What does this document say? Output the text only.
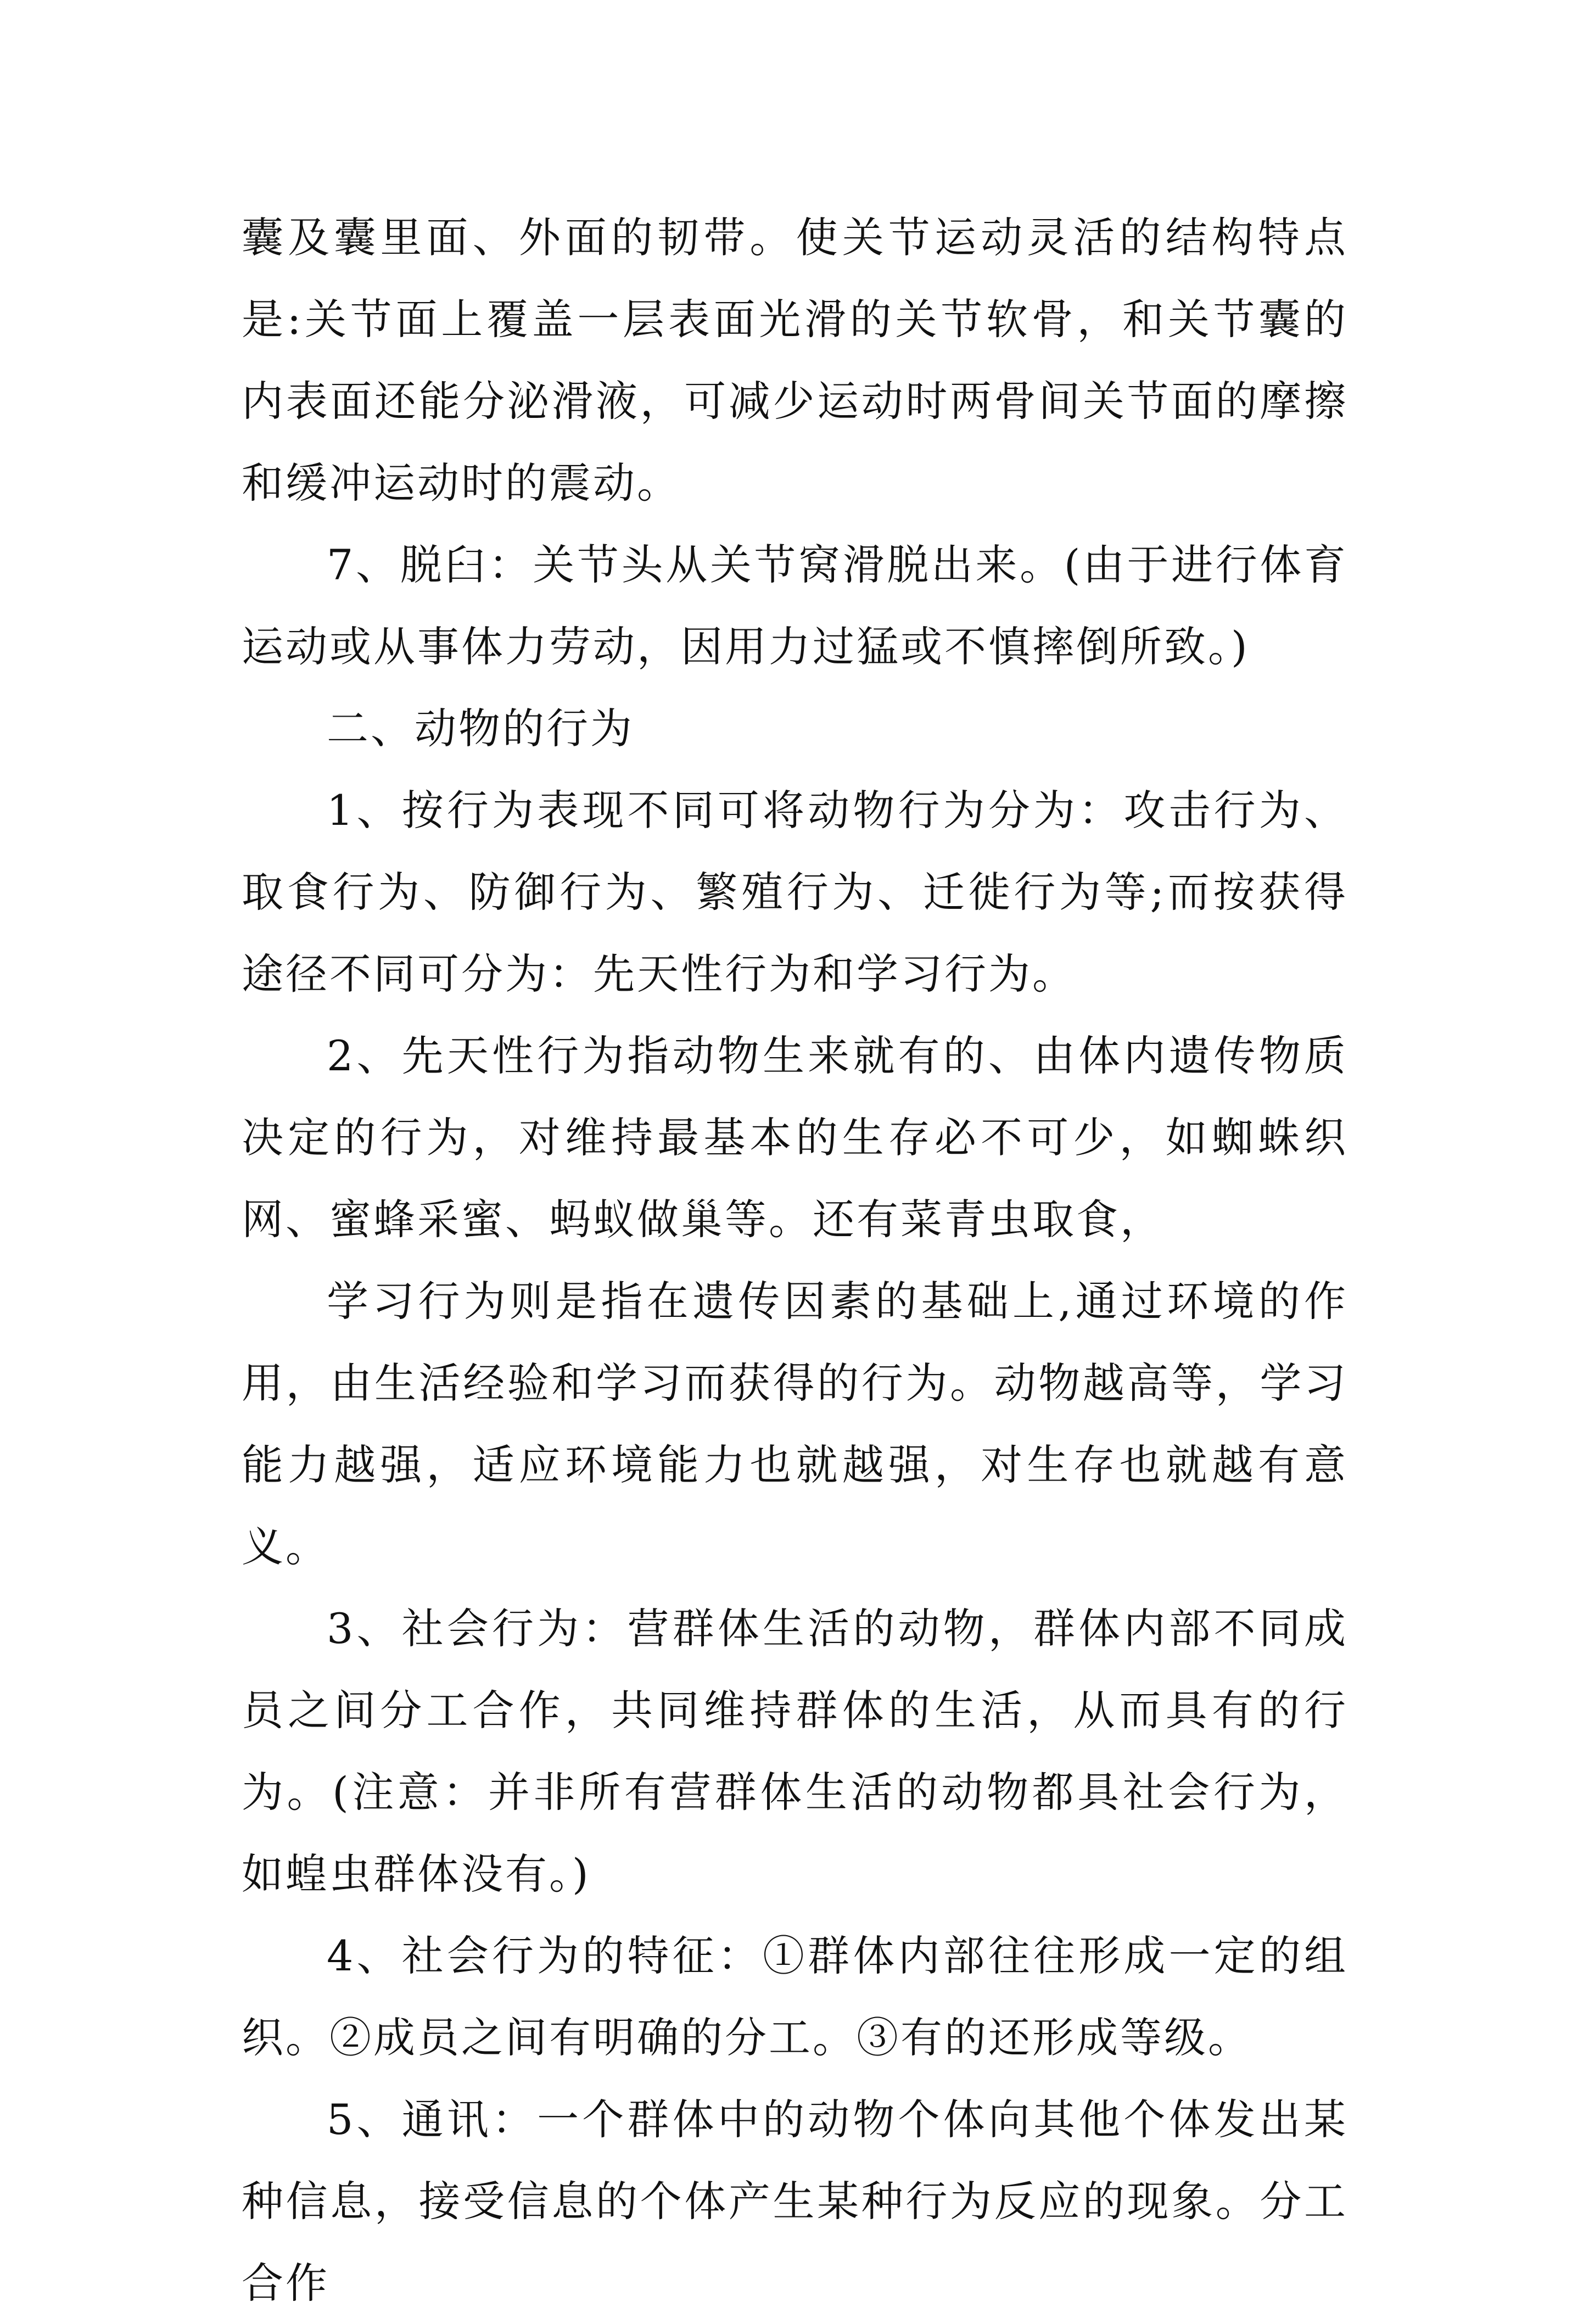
囊及囊里面、外面的韧带。使关节运动灵活的结构特点是:关节面上覆盖一层表面光滑的关节软骨，和关节囊的内表面还能分泌滑液，可减少运动时两骨间关节面的摩擦和缓冲运动时的震动。

7、脱臼：关节头从关节窝滑脱出来。(由于进行体育运动或从事体力劳动，因用力过猛或不慎摔倒所致。)

二、动物的行为

1、按行为表现不同可将动物行为分为：攻击行为、取食行为、防御行为、繁殖行为、迁徙行为等;而按获得途径不同可分为：先天性行为和学习行为。

2、先天性行为指动物生来就有的、由体内遗传物质决定的行为，对维持最基本的生存必不可少，如蜘蛛织网、蜜蜂采蜜、蚂蚁做巢等。还有菜青虫取食，

学习行为则是指在遗传因素的基础上,通过环境的作用，由生活经验和学习而获得的行为。动物越高等，学习能力越强，适应环境能力也就越强，对生存也就越有意义。

3、社会行为：营群体生活的动物，群体内部不同成员之间分工合作，共同维持群体的生活，从而具有的行为。(注意：并非所有营群体生活的动物都具社会行为，如蝗虫群体没有。)

4、社会行为的特征：①群体内部往往形成一定的组织。②成员之间有明确的分工。③有的还形成等级。

5、通讯：一个群体中的动物个体向其他个体发出某种信息，接受信息的个体产生某种行为反应的现象。分工合作
